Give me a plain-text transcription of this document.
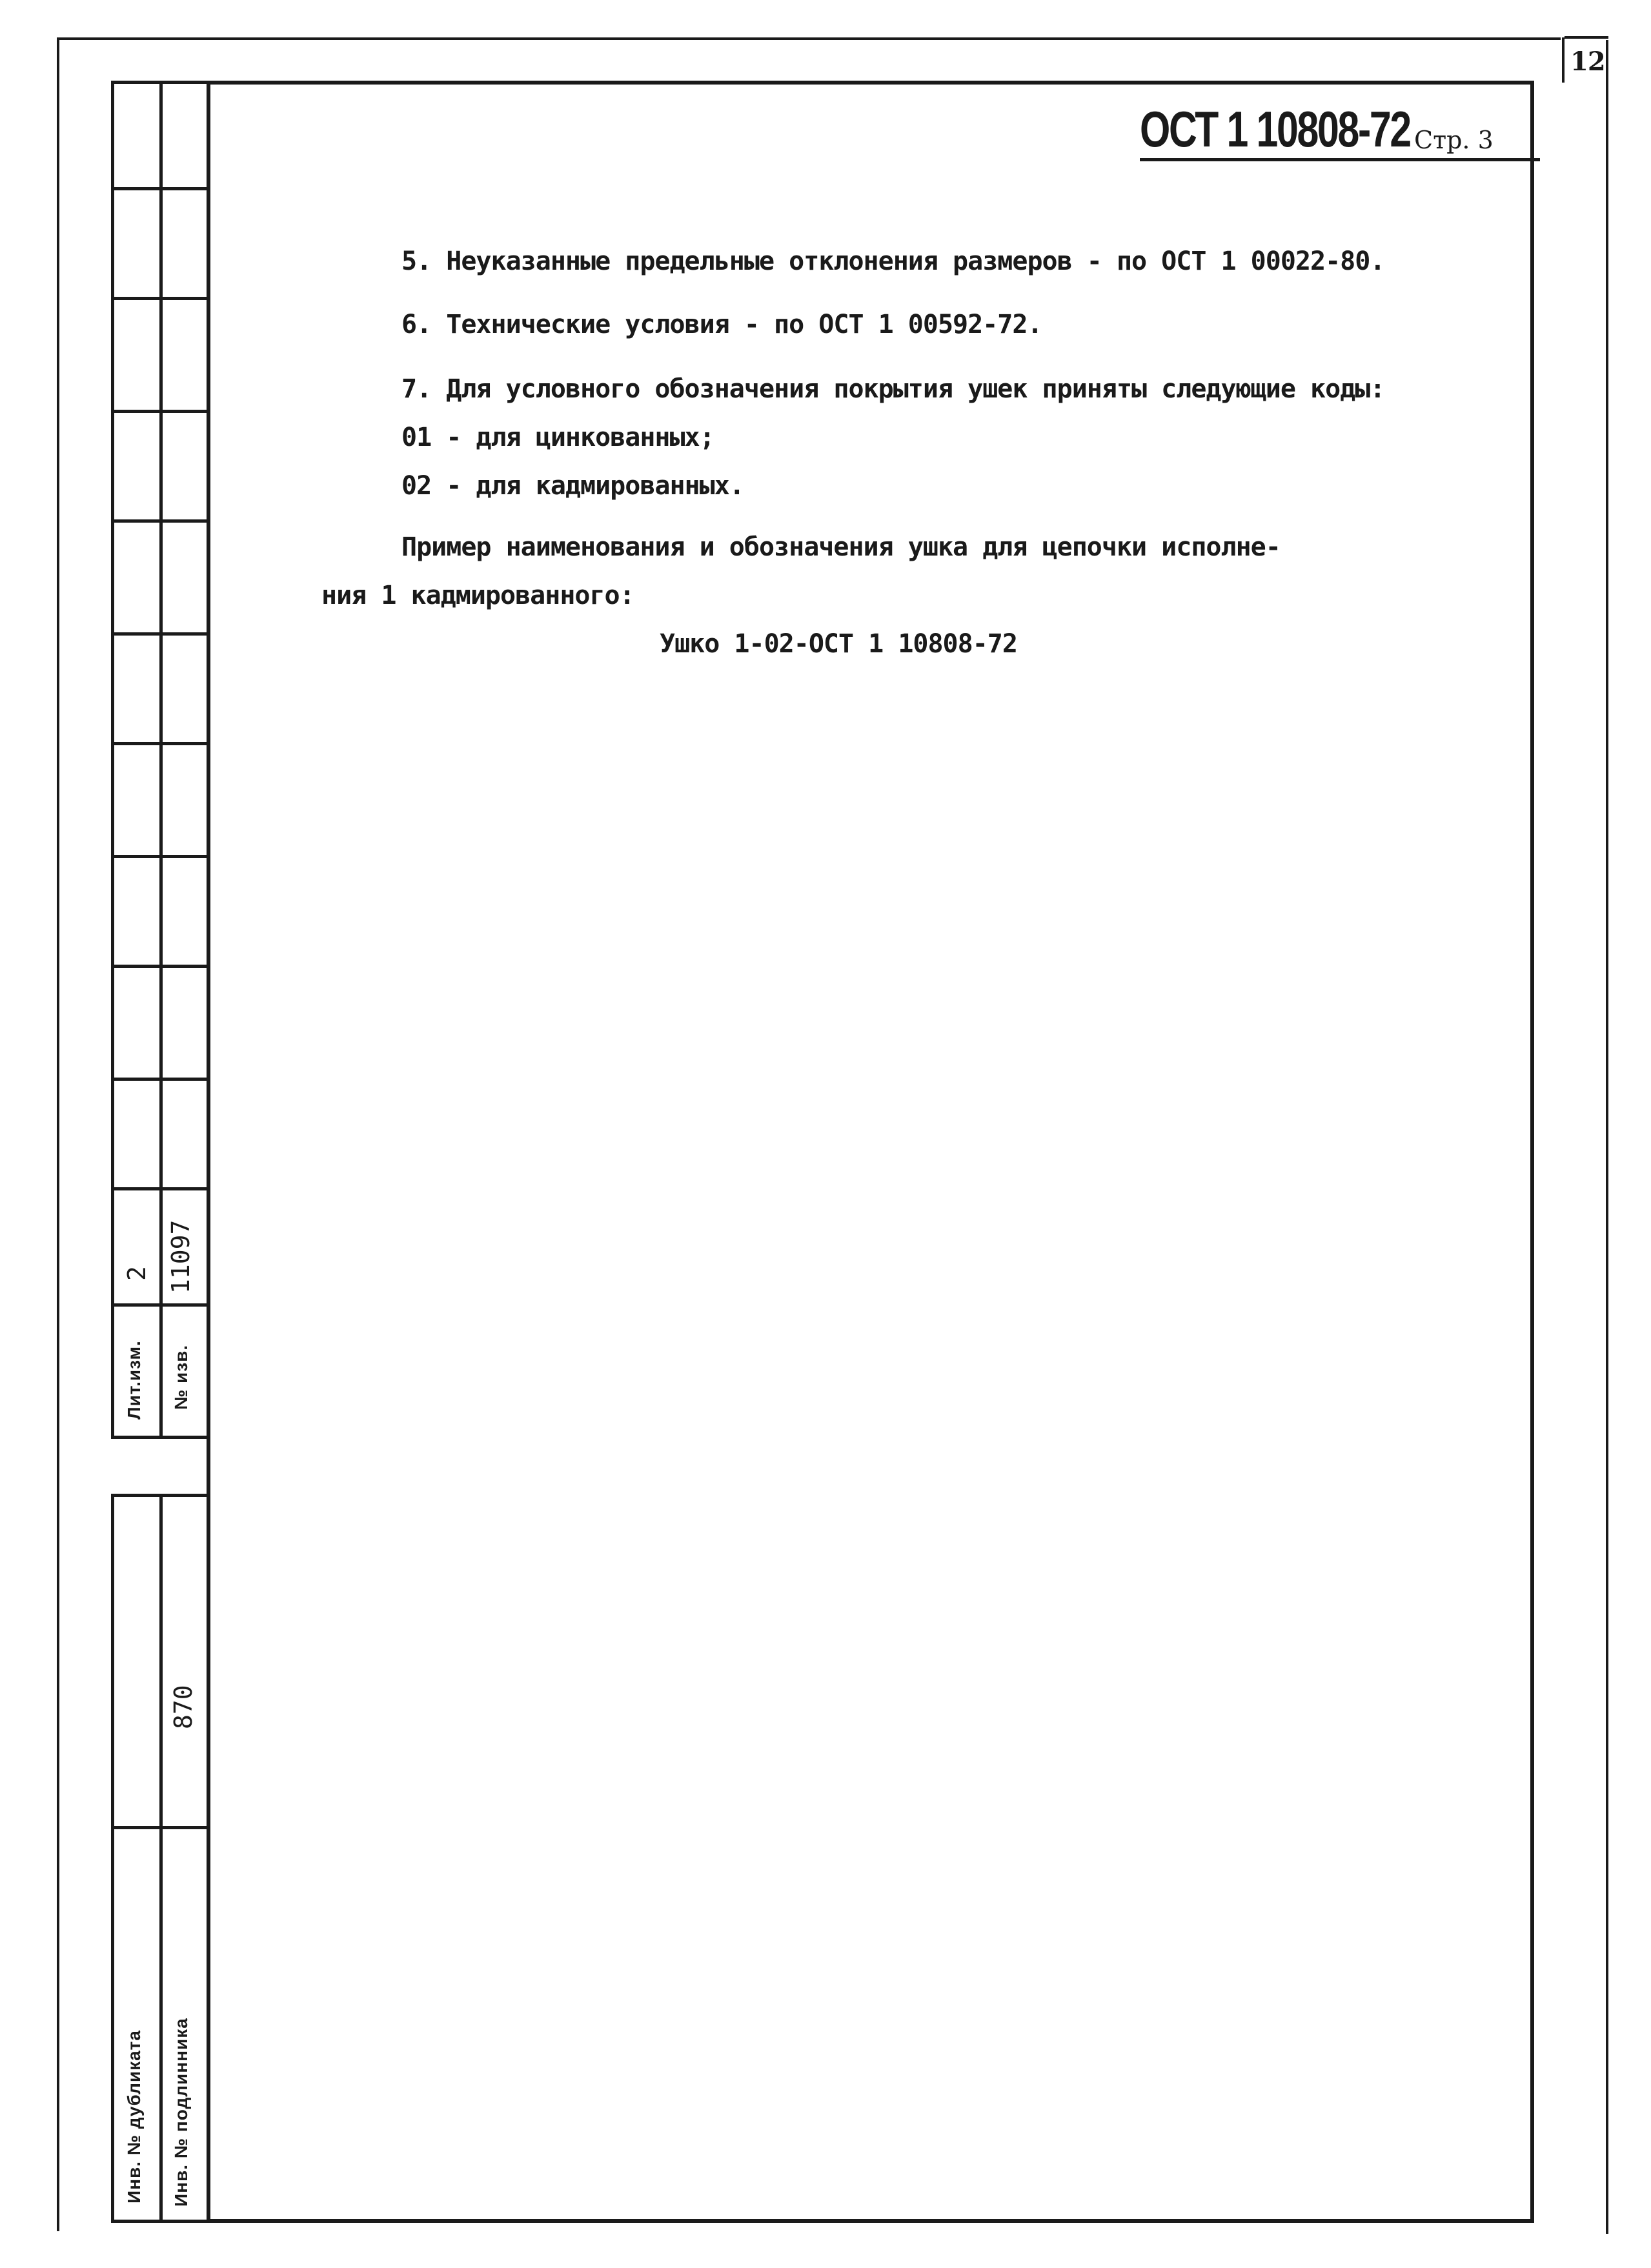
12
ОСТ 1 10808-72 Стр. 3
5. Неуказанные предельные отклонения размеров - по ОСТ 1 00022-80.
6. Технические условия - по ОСТ 1 00592-72.
7. Для условного обозначения покрытия ушек приняты следующие коды:
01 - для цинкованных;
02 - для кадмированных.
Пример наименования и обозначения ушка для цепочки исполне-
ния 1 кадмированного:
Ушко 1-02-ОСТ 1 10808-72
Лит.изм.
2
№ изв.
11097
Инв. № дубликата Инв. № подлинника
870
